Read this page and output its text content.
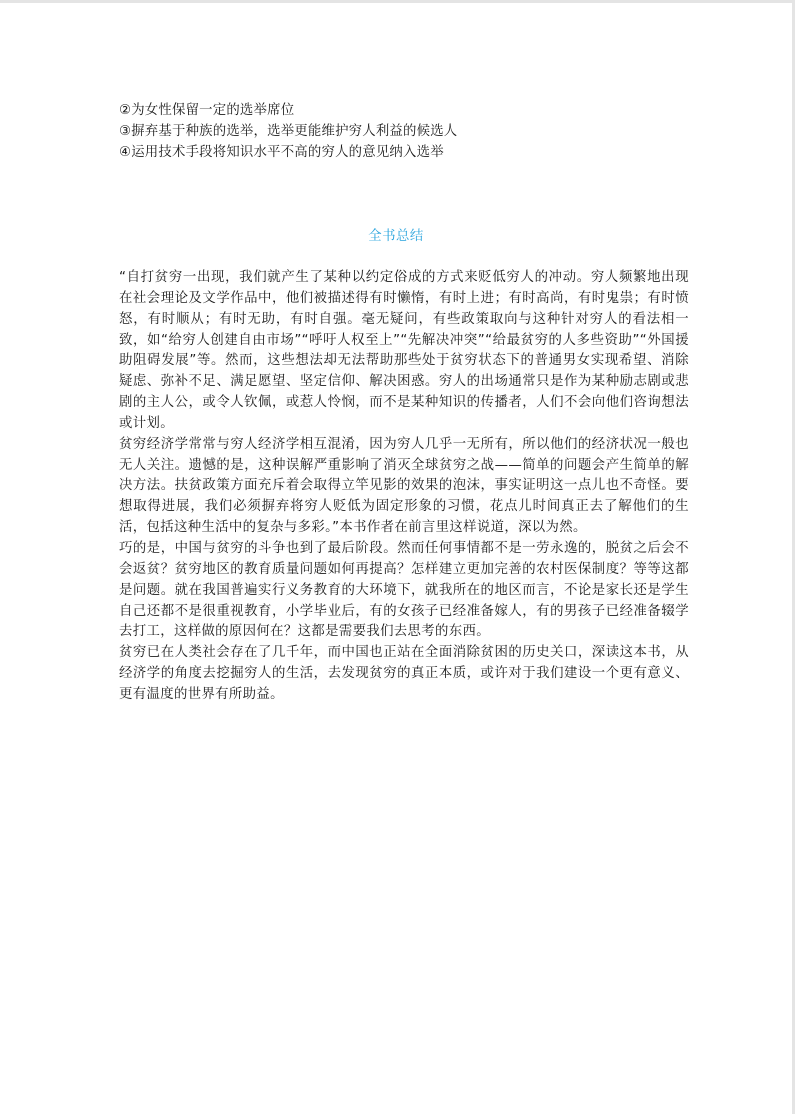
②为女性保留一定的选举席位
③摒弃基于种族的选举，选举更能维护穷人利益的候选人
④运用技术手段将知识水平不高的穷人的意见纳入选举
全书总结

“自打贫穷一出现，我们就产生了某种以约定俗成的方式来贬低穷人的冲动。穷人频繁地出现在社会理论及文学作品中，他们被描述得有时懒惰，有时上进；有时高尚，有时鬼祟；有时愤怒，有时顺从；有时无助，有时自强。毫无疑问，有些政策取向与这种针对穷人的看法相一致，如“给穷人创建自由市场”“呼吁人权至上”“先解决冲突”“给最贫穷的人多些资助”“外国援助阻碍发展”等。然而，这些想法却无法帮助那些处于贫穷状态下的普通男女实现希望、消除疑虑、弥补不足、满足愿望、坚定信仰、解决困惑。穷人的出场通常只是作为某种励志剧或悲剧的主人公，或令人钦佩，或惹人怜悯，而不是某种知识的传播者，人们不会向他们咨询想法或计划。

贫穷经济学常常与穷人经济学相互混淆，因为穷人几乎一无所有，所以他们的经济状况一般也无人关注。遗憾的是，这种误解严重影响了消灭全球贫穷之战——简单的问题会产生简单的解决方法。扶贫政策方面充斥着会取得立竿见影的效果的泡沫，事实证明这一点儿也不奇怪。要想取得进展，我们必须摒弃将穷人贬低为固定形象的习惯，花点儿时间真正去了解他们的生活，包括这种生活中的复杂与多彩。”本书作者在前言里这样说道，深以为然。

巧的是，中国与贫穷的斗争也到了最后阶段。然而任何事情都不是一劳永逸的，脱贫之后会不会返贫？贫穷地区的教育质量问题如何再提高？怎样建立更加完善的农村医保制度？等等这都是问题。就在我国普遍实行义务教育的大环境下，就我所在的地区而言，不论是家长还是学生自己还都不是很重视教育，小学毕业后，有的女孩子已经准备嫁人，有的男孩子已经准备辍学去打工，这样做的原因何在？这都是需要我们去思考的东西。

贫穷已在人类社会存在了几千年，而中国也正站在全面消除贫困的历史关口，深读这本书，从经济学的角度去挖掘穷人的生活，去发现贫穷的真正本质，或许对于我们建设一个更有意义、更有温度的世界有所助益。
